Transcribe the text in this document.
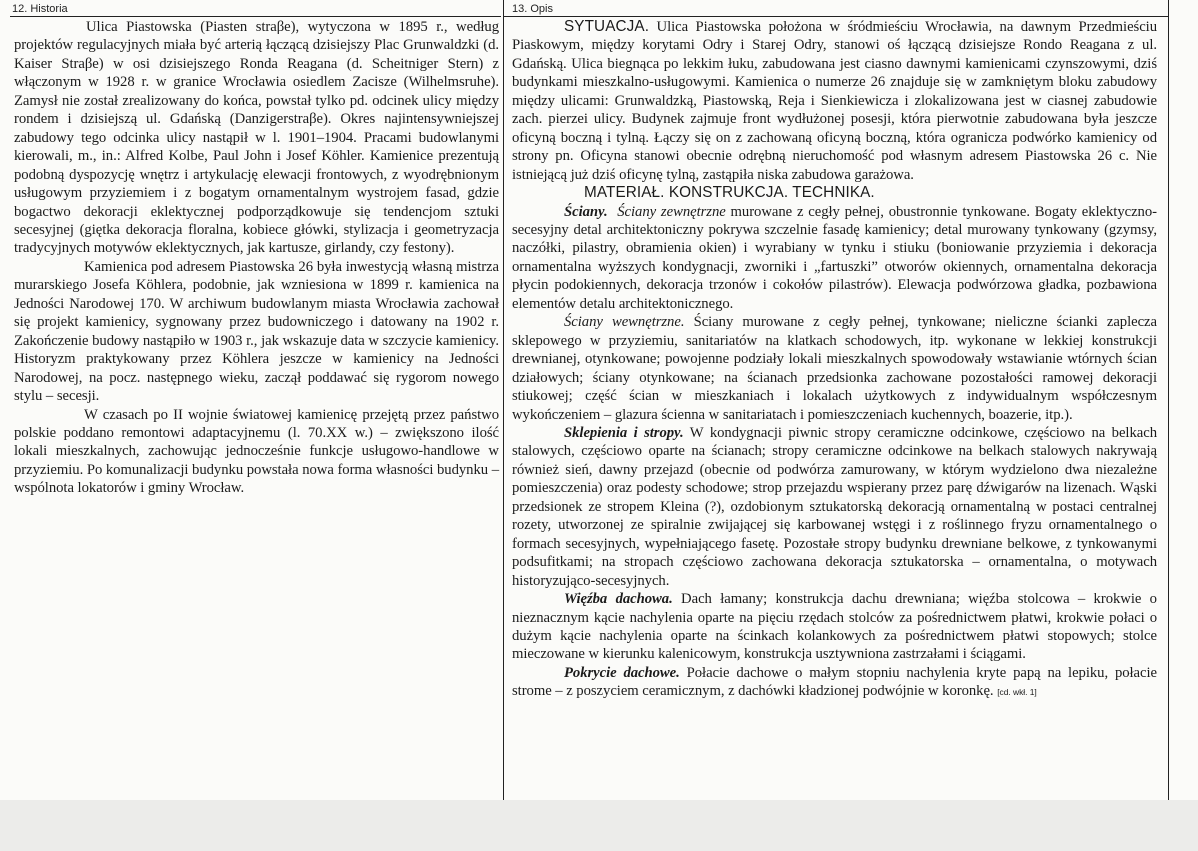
12. Historia	13. Opis

Ulica Piastowska (Piasten straβe), wytyczona w 1895 r., według projektów regulacyjnych miała być arterią łączącą dzisiejszy Plac Grunwaldzki (d. Kaiser Straβe) w osi dzisiejszego Ronda Reagana (d. Scheitniger Stern) z włączonym w 1928 r. w granice Wrocławia osiedlem Zacisze (Wilhelmsruhe). Zamysł nie został zrealizowany do końca, powstał tylko pd. odcinek ulicy między rondem i dzisiejszą ul. Gdańską (Danzigerstraβe). Okres najintensywniejszej zabudowy tego odcinka ulicy nastąpił w l. 1901–1904. Pracami budowlanymi kierowali, m., in.: Alfred Kolbe, Paul John i Josef Köhler. Kamienice prezentują podobną dyspozycję wnętrz i artykulację elewacji frontowych, z wyodrębnionym usługowym przyziemiem i z bogatym ornamentalnym wystrojem fasad, gdzie bogactwo dekoracji eklektycznej podporządkowuje się tendencjom sztuki secesyjnej (giętka dekoracja floralna, kobiece główki, stylizacja i geometryzacja tradycyjnych motywów eklektycznych, jak kartusze, girlandy, czy festony).

Kamienica pod adresem Piastowska 26 była inwestycją własną mistrza murarskiego Josefa Köhlera, podobnie, jak wzniesiona w 1899 r. kamienica na Jedności Narodowej 170. W archiwum budowlanym miasta Wrocławia zachował się projekt kamienicy, sygnowany przez budowniczego i datowany na 1902 r. Zakończenie budowy nastąpiło w 1903 r., jak wskazuje data w szczycie kamienicy. Historyzm praktykowany przez Köhlera jeszcze w kamienicy na Jedności Narodowej, na pocz. następnego wieku, zaczął poddawać się rygorom nowego stylu – secesji.

W czasach po II wojnie światowej kamienicę przejętą przez państwo polskie poddano remontowi adaptacyjnemu (l. 70.XX w.) – zwiększono ilość lokali mieszkalnych, zachowując jednocześnie funkcje usługowo-handlowe w przyziemiu. Po komunalizacji budynku powstała nowa forma własności budynku – wspólnota lokatorów i gminy Wrocław.

SYTUACJA. Ulica Piastowska położona w śródmieściu Wrocławia, na dawnym Przedmieściu Piaskowym, między korytami Odry i Starej Odry, stanowi oś łączącą dzisiejsze Rondo Reagana z ul. Gdańską. Ulica biegnąca po lekkim łuku, zabudowana jest ciasno dawnymi kamienicami czynszowymi, dziś budynkami mieszkalno-usługowymi. Kamienica o numerze 26 znajduje się w zamkniętym bloku zabudowy między ulicami: Grunwaldzką, Piastowską, Reja i Sienkiewicza i zlokalizowana jest w ciasnej zabudowie zach. pierzei ulicy. Budynek zajmuje front wydłużonej posesji, która pierwotnie zabudowana była jeszcze oficyną boczną i tylną. Łączy się on z zachowaną oficyną boczną, która ogranicza podwórko kamienicy od strony pn. Oficyna stanowi obecnie odrębną nieruchomość pod własnym adresem Piastowska 26 c. Nie istniejącą już dziś oficynę tylną, zastąpiła niska zabudowa garażowa.

MATERIAŁ. KONSTRUKCJA. TECHNIKA.

Ściany. Ściany zewnętrzne murowane z cegły pełnej, obustronnie tynkowane. Bogaty eklektyczno-secesyjny detal architektoniczny pokrywa szczelnie fasadę kamienicy; detal murowany tynkowany (gzymsy, naczółki, pilastry, obramienia okien) i wyrabiany w tynku i stiuku (boniowanie przyziemia i dekoracja ornamentalna wyższych kondygnacji, zworniki i „fartuszki” otworów okiennych, ornamentalna dekoracja płycin podokiennych, dekoracja trzonów i cokołów pilastrów). Elewacja podwórzowa gładka, pozbawiona elementów detalu architektonicznego.

Ściany wewnętrzne. Ściany murowane z cegły pełnej, tynkowane; nieliczne ścianki zaplecza sklepowego w przyziemiu, sanitariatów na klatkach schodowych, itp. wykonane w lekkiej konstrukcji drewnianej, otynkowane; powojenne podziały lokali mieszkalnych spowodowały wstawianie wtórnych ścian działowych; ściany otynkowane; na ścianach przedsionka zachowane pozostałości ramowej dekoracji stiukowej; część ścian w mieszkaniach i lokalach użytkowych z indywidualnym współczesnym wykończeniem – glazura ścienna w sanitariatach i pomieszczeniach kuchennych, boazerie, itp.).

Sklepienia i stropy. W kondygnacji piwnic stropy ceramiczne odcinkowe, częściowo na belkach stalowych, częściowo oparte na ścianach; stropy ceramiczne odcinkowe na belkach stalowych nakrywają również sień, dawny przejazd (obecnie od podwórza zamurowany, w którym wydzielono dwa niezależne pomieszczenia) oraz podesty schodowe; strop przejazdu wspierany przez parę dźwigarów na lizenach. Wąski przedsionek ze stropem Kleina (?), ozdobionym sztukatorską dekoracją ornamentalną w postaci centralnej rozety, utworzonej ze spiralnie zwijającej się karbowanej wstęgi i z roślinnego fryzu ornamentalnego o formach secesyjnych, wypełniającego fasetę. Pozostałe stropy budynku drewniane belkowe, z tynkowanymi podsufitkami; na stropach częściowo zachowana dekoracja sztukatorska – ornamentalna, o motywach historyzująco-secesyjnych.

Więźba dachowa. Dach łamany; konstrukcja dachu drewniana; więźba stolcowa – krokwie o nieznacznym kącie nachylenia oparte na pięciu rzędach stolców za pośrednictwem płatwi, krokwie połaci o dużym kącie nachylenia oparte na ścinkach kolankowych za pośrednictwem płatwi stopowych; stolce mieczowane w kierunku kalenicowym, konstrukcja usztywniona zastrzałami i ściągami.

Pokrycie dachowe. Połacie dachowe o małym stopniu nachylenia kryte papą na lepiku, połacie strome – z poszyciem ceramicznym, z dachówki kładzionej podwójnie w koronkę. [cd. wkł. 1]
